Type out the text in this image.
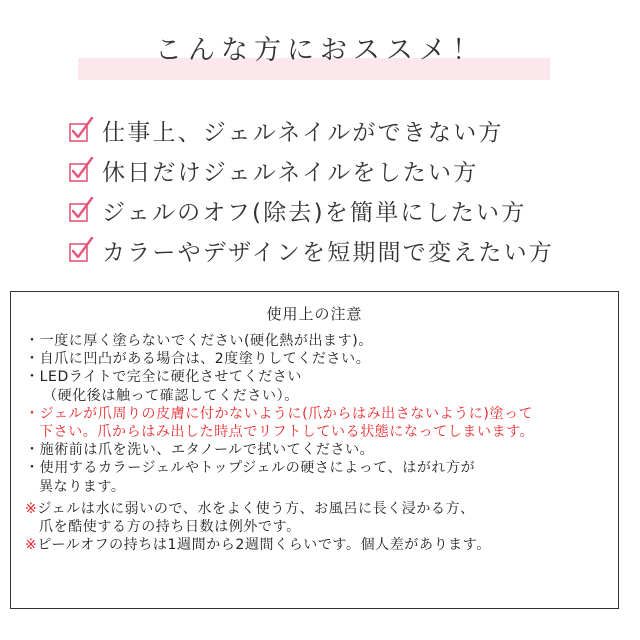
こんな方におススメ！
仕事上、ジェルネイルができない方
休日だけジェルネイルをしたい方
ジェルのオフ(除去)を簡単にしたい方
カラーやデザインを短期間で変えたい方
使用上の注意
・一度に厚く塗らないでください(硬化熱が出ます)。
・自爪に凹凸がある場合は、2度塗りしてください。
・LEDライトで完全に硬化させてください
（硬化後は触って確認してください）。
・ジェルが爪周りの皮膚に付かないように(爪からはみ出さないように)塗って
下さい。爪からはみ出した時点でリフトしている状態になってしまいます。
・施術前は爪を洗い、エタノールで拭いてください。
・使用するカラージェルやトップジェルの硬さによって、はがれ方が
異なります。
※ジェルは水に弱いので、水をよく使う方、お風呂に長く浸かる方、
爪を酷使する方の持ち日数は例外です。
※ピールオフの持ちは1週間から2週間くらいです。個人差があります。
